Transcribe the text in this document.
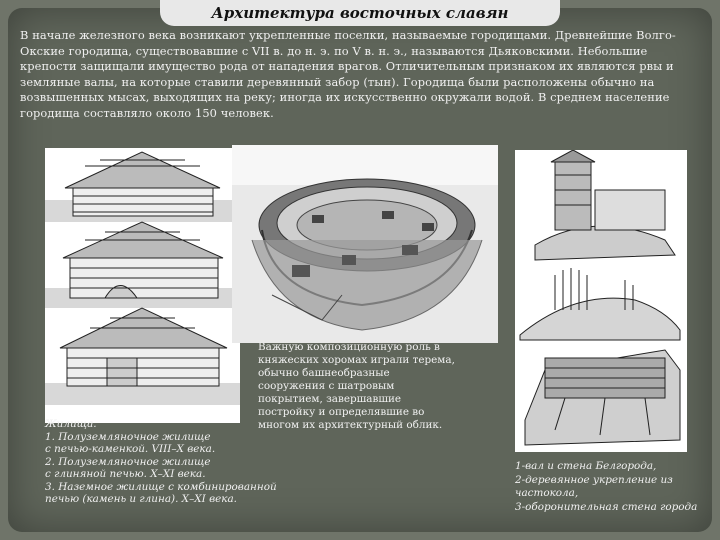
Архитектура восточных славян
В начале железного века возникают укрепленные поселки, называемые городищами. Древнейшие Волго-Окские городища, существовавшие с VII в. до н. э. по V в. н. э., называются Дьяковскими. Небольшие крепости защищали имущество рода от нападения врагов. Отличительным признаком их являются рвы и земляные валы, на которые ставили деревянный забор (тын). Городища были расположены обычно на возвышенных мысах, выходящих на реку; иногда их искусственно окружали водой. В среднем население городища составляло около 150 человек.
Важную композиционную роль в княжеских хоромах играли терема, обычно башнеобразные сооружения с шатровым покрытием, завершавшие постройку и определявшие во многом их архитектурный облик.
Жилища.
1. Полуземляночное жилище
с печью-каменкой. VIII–X века.
2. Полуземляночное жилище
с глиняной печью. X–XI века.
3. Наземное жилище с комбинированной
печью (камень и глина). X–XI века.
1-вал и стена Белгорода,
2-деревянное укрепление из
частокола,
3-оборонительная стена города
